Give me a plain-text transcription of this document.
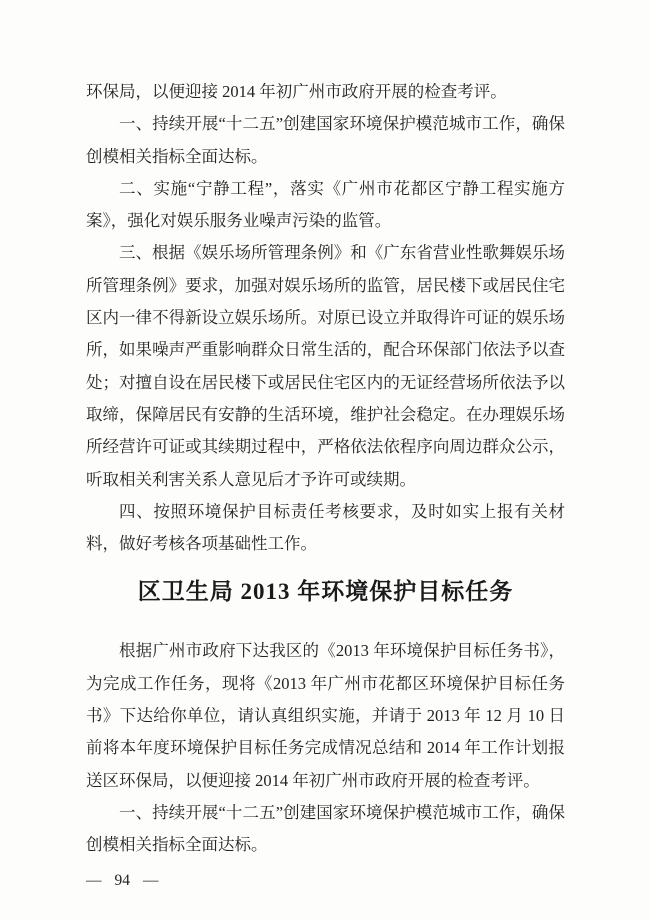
环保局，以便迎接 2014 年初广州市政府开展的检查考评。

一、持续开展“十二五”创建国家环境保护模范城市工作，确保创模相关指标全面达标。

二、实施“宁静工程”，落实《广州市花都区宁静工程实施方案》，强化对娱乐服务业噪声污染的监管。

三、根据《娱乐场所管理条例》和《广东省营业性歌舞娱乐场所管理条例》要求，加强对娱乐场所的监管，居民楼下或居民住宅区内一律不得新设立娱乐场所。对原已设立并取得许可证的娱乐场所，如果噪声严重影响群众日常生活的，配合环保部门依法予以查处；对擅自设在居民楼下或居民住宅区内的无证经营场所依法予以取缔，保障居民有安静的生活环境，维护社会稳定。在办理娱乐场所经营许可证或其续期过程中，严格依法依程序向周边群众公示，听取相关利害关系人意见后才予许可或续期。

四、按照环境保护目标责任考核要求，及时如实上报有关材料，做好考核各项基础性工作。

区卫生局 2013 年环境保护目标任务

根据广州市政府下达我区的《2013 年环境保护目标任务书》，为完成工作任务，现将《2013 年广州市花都区环境保护目标任务书》下达给你单位，请认真组织实施，并请于 2013 年 12 月 10 日前将本年度环境保护目标任务完成情况总结和 2014 年工作计划报送区环保局，以便迎接 2014 年初广州市政府开展的检查考评。

一、持续开展“十二五”创建国家环境保护模范城市工作，确保创模相关指标全面达标。

— 94 —
